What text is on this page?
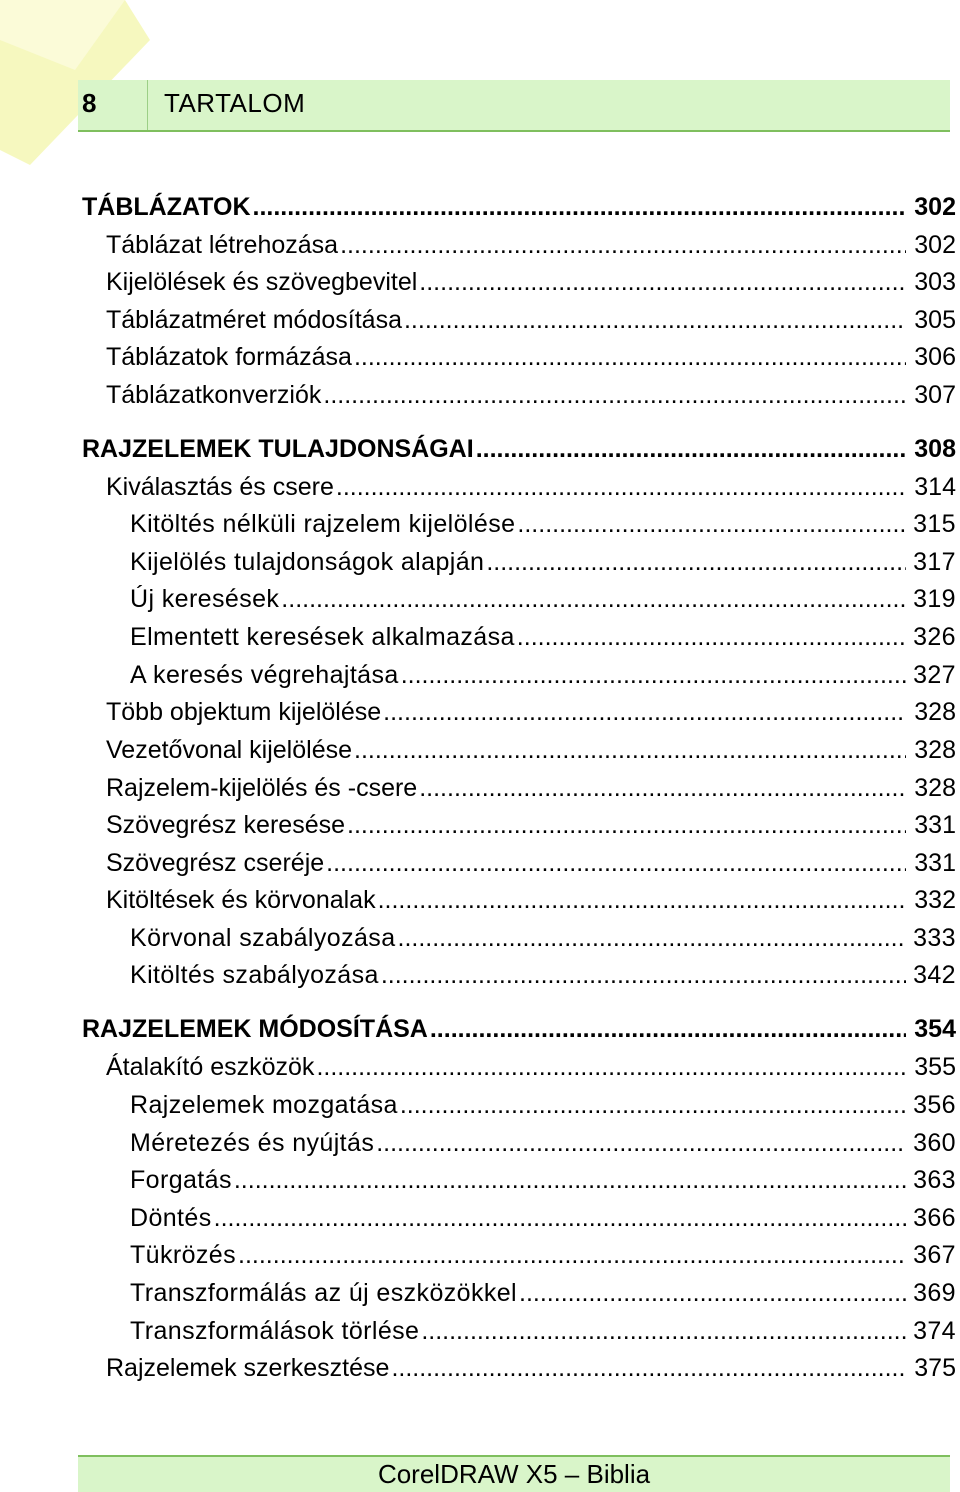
8	TARTALOM
TÁBLÁZATOK .....	302
Táblázat létrehozása .....	302
Kijelölések és szövegbevitel .....	303
Táblázatméret módosítása .....	305
Táblázatok formázása .....	306
Táblázatkonverziók .....	307
RAJZELEMEK TULAJDONSÁGAI .....	308
Kiválasztás és csere .....	314
Kitöltés nélküli rajzelem kijelölése .....	315
Kijelölés tulajdonságok alapján .....	317
Új keresések .....	319
Elmentett keresések alkalmazása .....	326
A keresés végrehajtása .....	327
Több objektum kijelölése .....	328
Vezetővonal kijelölése .....	328
Rajzelem-kijelölés és -csere .....	328
Szövegrész keresése .....	331
Szövegrész cseréje .....	331
Kitöltések és körvonalak .....	332
Körvonal szabályozása .....	333
Kitöltés szabályozása .....	342
RAJZELEMEK MÓDOSÍTÁSA .....	354
Átalakító eszközök .....	355
Rajzelemek mozgatása .....	356
Méretezés és nyújtás .....	360
Forgatás .....	363
Döntés .....	366
Tükrözés .....	367
Transzformálás az új eszközökkel .....	369
Transzformálások törlése .....	374
Rajzelemek szerkesztése .....	375
CorelDRAW X5 – Biblia
